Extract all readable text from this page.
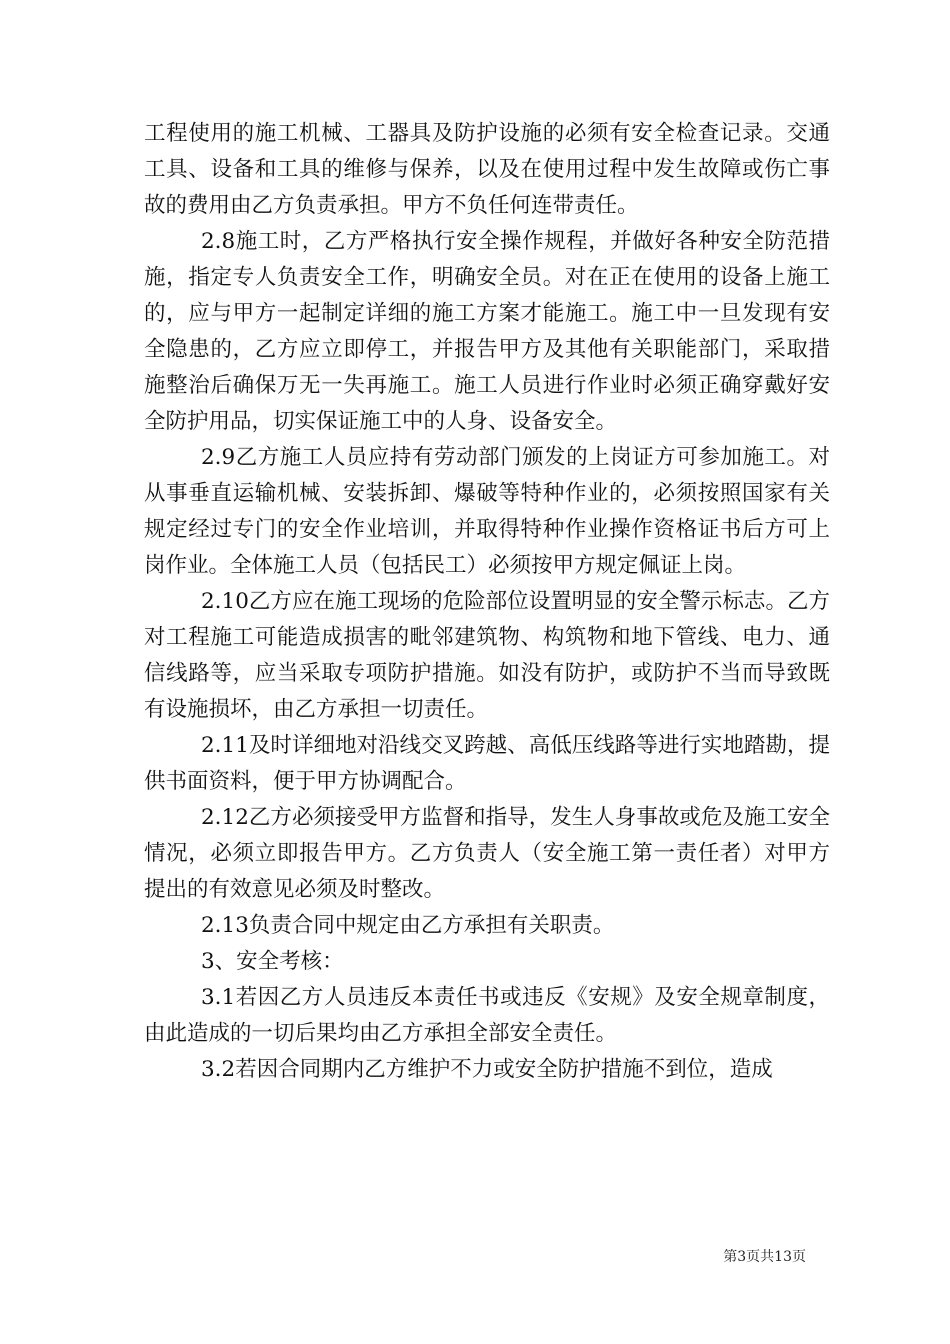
工程使用的施工机械、工器具及防护设施的必须有安全检查记录。交通工具、设备和工具的维修与保养，以及在使用过程中发生故障或伤亡事故的费用由乙方负责承担。甲方不负任何连带责任。

2.8施工时，乙方严格执行安全操作规程，并做好各种安全防范措施，指定专人负责安全工作，明确安全员。对在正在使用的设备上施工的，应与甲方一起制定详细的施工方案才能施工。施工中一旦发现有安全隐患的，乙方应立即停工，并报告甲方及其他有关职能部门，采取措施整治后确保万无一失再施工。施工人员进行作业时必须正确穿戴好安全防护用品，切实保证施工中的人身、设备安全。

2.9乙方施工人员应持有劳动部门颁发的上岗证方可参加施工。对从事垂直运输机械、安装拆卸、爆破等特种作业的，必须按照国家有关规定经过专门的安全作业培训，并取得特种作业操作资格证书后方可上岗作业。全体施工人员（包括民工）必须按甲方规定佩证上岗。

2.10乙方应在施工现场的危险部位设置明显的安全警示标志。乙方对工程施工可能造成损害的毗邻建筑物、构筑物和地下管线、电力、通信线路等，应当采取专项防护措施。如没有防护，或防护不当而导致既有设施损坏，由乙方承担一切责任。

2.11及时详细地对沿线交叉跨越、高低压线路等进行实地踏勘，提供书面资料，便于甲方协调配合。

2.12乙方必须接受甲方监督和指导，发生人身事故或危及施工安全情况，必须立即报告甲方。乙方负责人（安全施工第一责任者）对甲方提出的有效意见必须及时整改。

2.13负责合同中规定由乙方承担有关职责。

3、安全考核：

3.1若因乙方人员违反本责任书或违反《安规》及安全规章制度，由此造成的一切后果均由乙方承担全部安全责任。

3.2若因合同期内乙方维护不力或安全防护措施不到位，造成

第3页共13页
